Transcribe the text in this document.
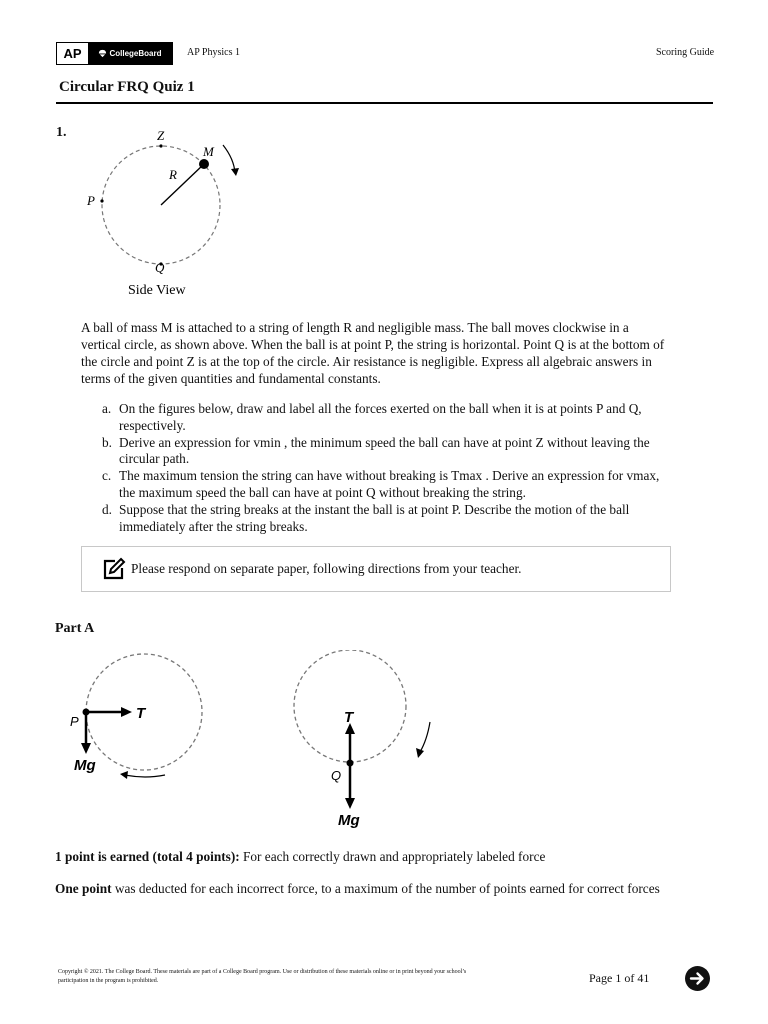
AP	CollegeBoard	AP Physics 1	Scoring Guide
Circular FRQ Quiz 1
1.	Z
M
R
P
Q
Side View
A ball of mass M is attached to a string of length R and negligible mass. The ball moves clockwise in a vertical circle, as shown above. When the ball is at point P, the string is horizontal. Point Q is at the bottom of the circle and point Z is at the top of the circle. Air resistance is negligible. Express all algebraic answers in terms of the given quantities and fundamental constants.
a. On the figures below, draw and label all the forces exerted on the ball when it is at points P and Q, respectively.
b. Derive an expression for vmin , the minimum speed the ball can have at point Z without leaving the circular path.
c. The maximum tension the string can have without breaking is Tmax . Derive an expression for vmax, the maximum speed the ball can have at point Q without breaking the string.
d. Suppose that the string breaks at the instant the ball is at point P. Describe the motion of the ball immediately after the string breaks.
Please respond on separate paper, following directions from your teacher.
Part A
T
P
Mg
T
Q
Mg
1 point is earned (total 4 points): For each correctly drawn and appropriately labeled force
One point was deducted for each incorrect force, to a maximum of the number of points earned for correct forces
Copyright © 2021. The College Board. These materials are part of a College Board program. Use or distribution of these materials online or in print beyond your school’s participation in the program is prohibited.	Page 1 of 41
